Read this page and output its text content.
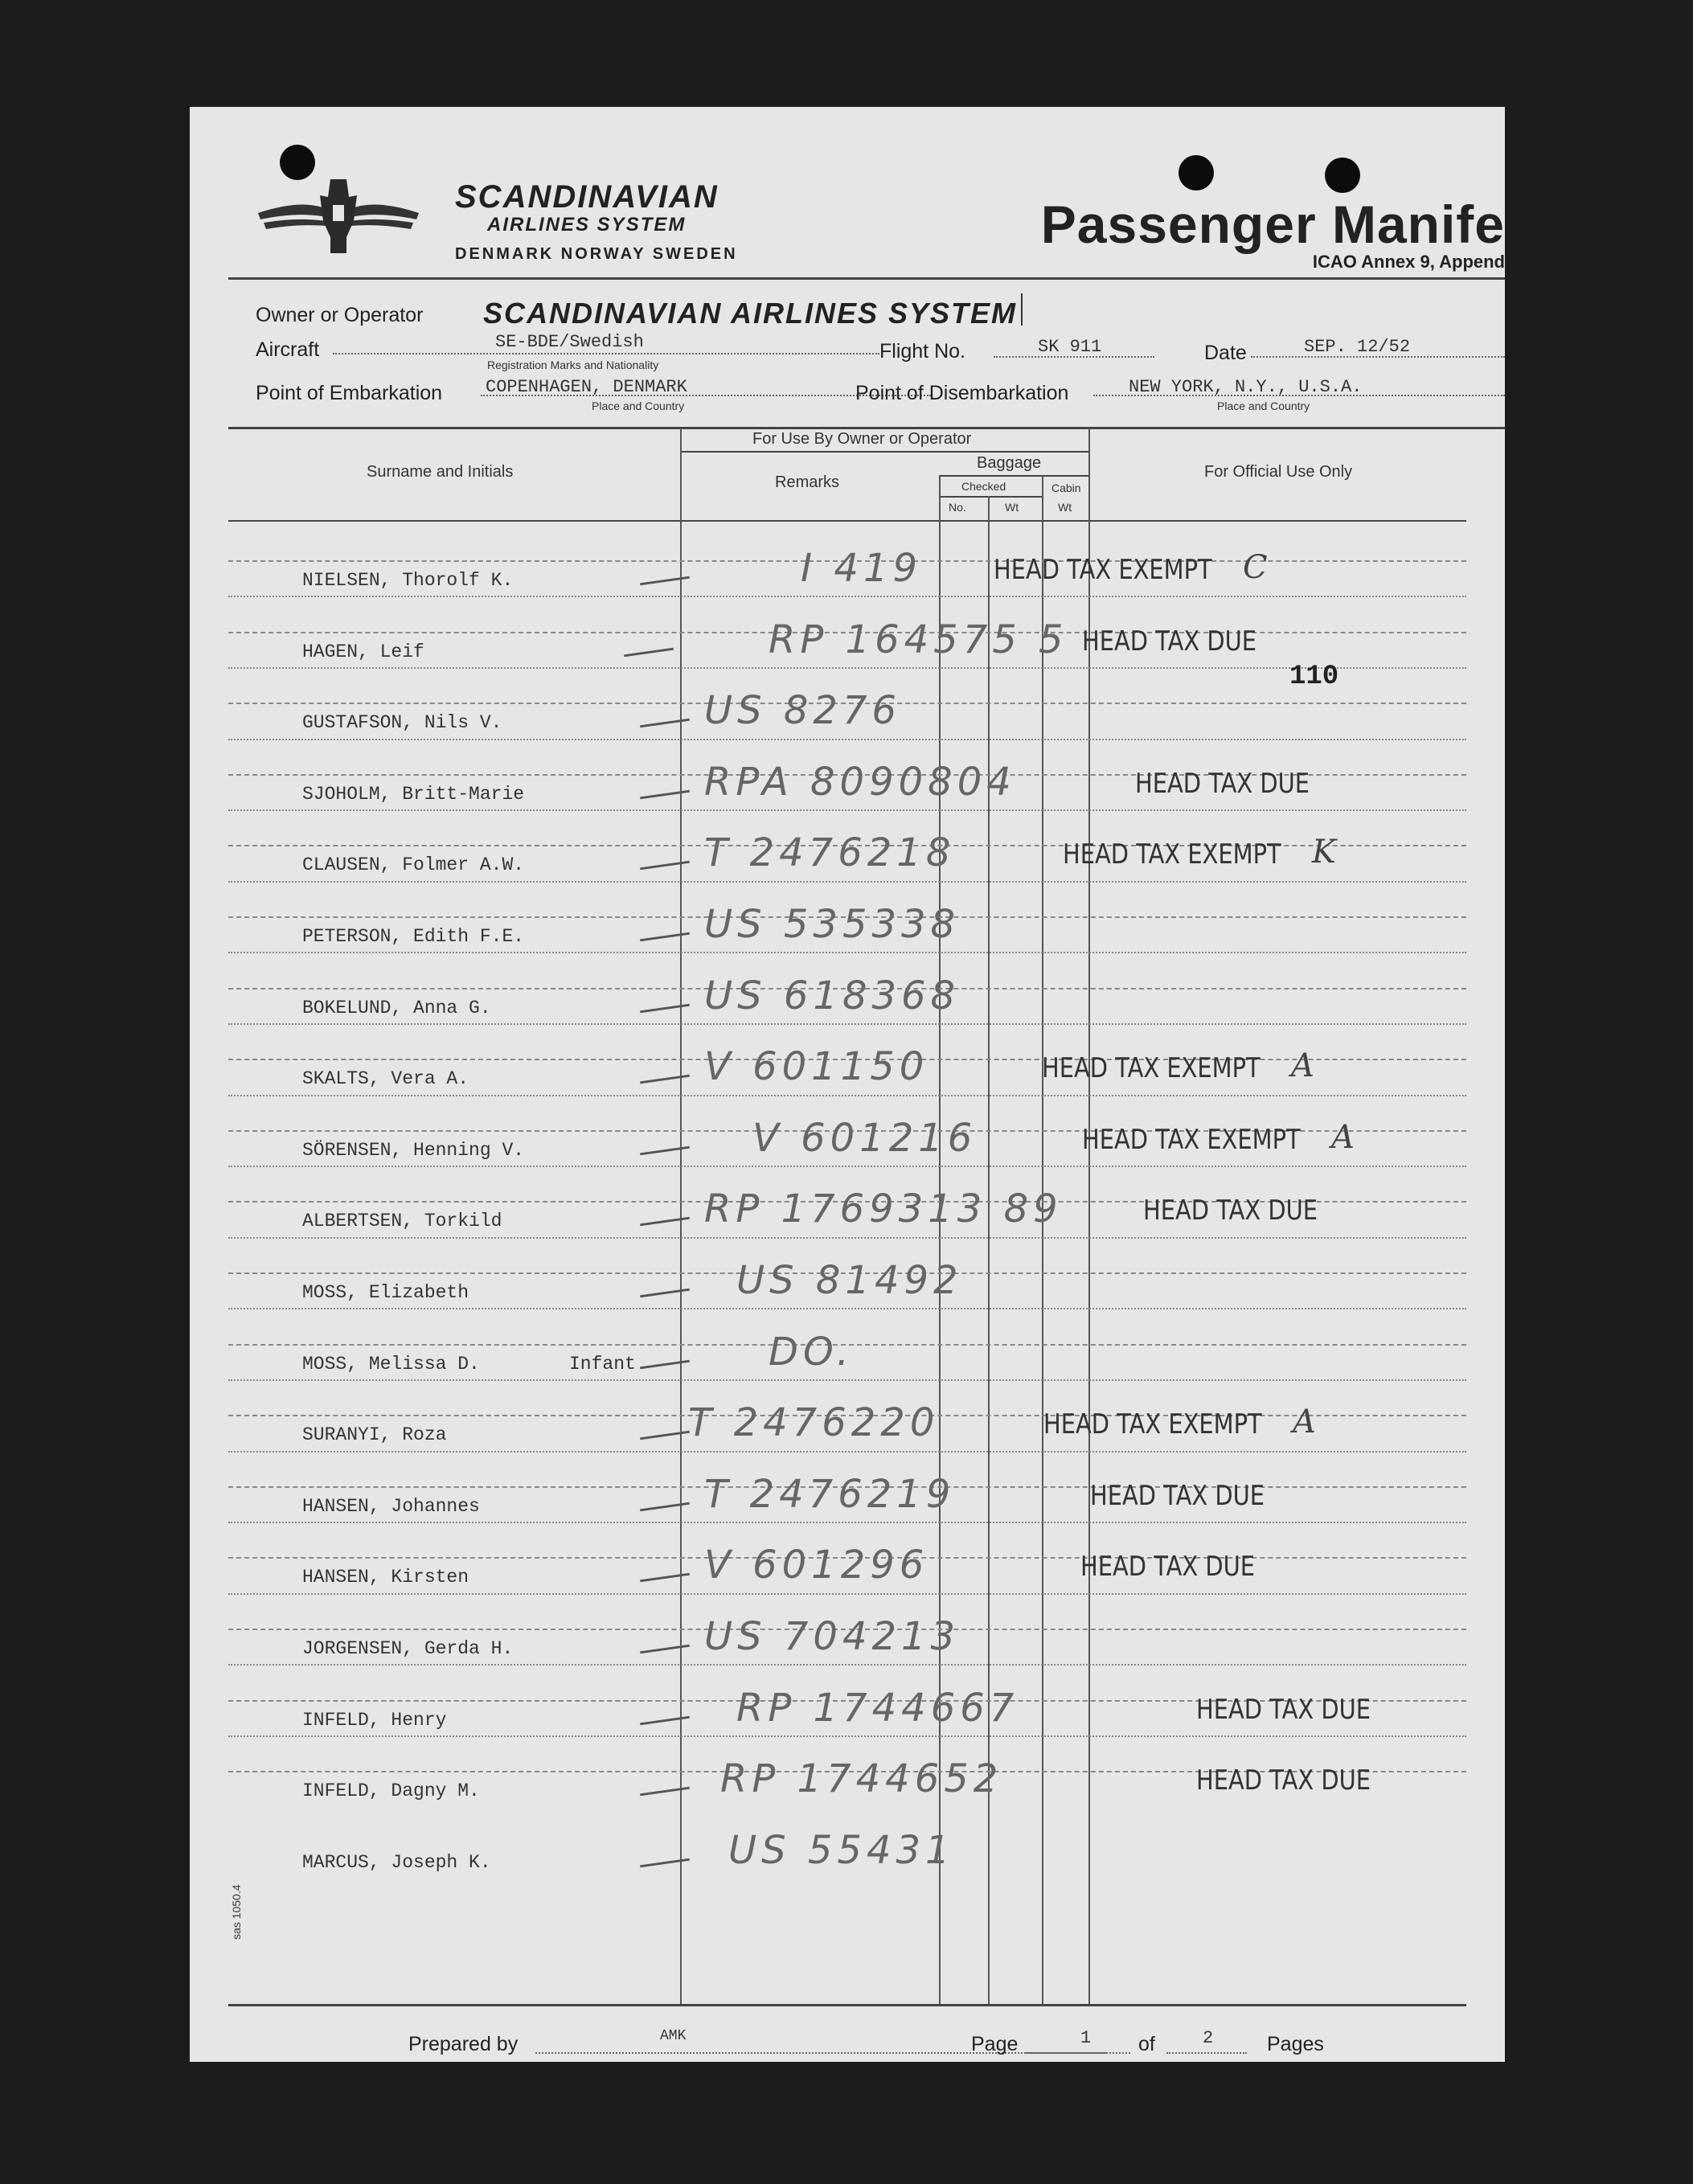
SCANDINAVIAN
AIRLINES SYSTEM
DENMARK NORWAY SWEDEN	Passenger Manife
ICAO Annex 9, Append
Owner or Operator SCANDINAVIAN AIRLINES SYSTEM
Aircraft	SE-BDE/Swedish
Registration Marks and Nationality
Flight No.	SK 911	Date	SEP. 12/52
Point of Embarkation COPENHAGEN, DENMARK
Place and Country
Point of Disembarkation	NEW YORK, N.Y., U.S.A.
Place and Country
Surname and Initials
For Use By Owner or Operator
Remarks
Baggage
Checked	Cabin
No.	Wt	Wt
For Official Use Only
NIELSEN, Thorolf K.	I 419	HEAD TAX EXEMPT C
HAGEN, Leif	RP 164575 5 HEAD TAX DUE
GUSTAFSON, Nils V.	US 8276
SJOHOLM, Britt-Marie	RPA 8090804	HEAD TAX DUE
CLAUSEN, Folmer A.W.	T 2476218	HEAD TAX EXEMPT K
PETERSON, Edith F.E.	US 535338
BOKELUND, Anna G.	US 618368
SKALTS, Vera A.	V 601150	HEAD TAX EXEMPT A
SÖRENSEN, Henning V.	V 601216	HEAD TAX EXEMPT A
ALBERTSEN, Torkild	RP 1769313 89	HEAD TAX DUE
MOSS, Elizabeth	US 81492
MOSS, Melissa D.	Infant	DO.
SURANYI, Roza	T 2476220	HEAD TAX EXEMPT A
HANSEN, Johannes	T 2476219	HEAD TAX DUE
HANSEN, Kirsten	V 601296	HEAD TAX DUE
JORGENSEN, Gerda H.	US 704213
INFELD, Henry	RP 1744667	HEAD TAX DUE
INFELD, Dagny M.	RP 1744652	HEAD TAX DUE
MARCUS, Joseph K.	US 55431
110
sas 1050.4
Prepared by	AMK	Page	1 of	2	Pages
